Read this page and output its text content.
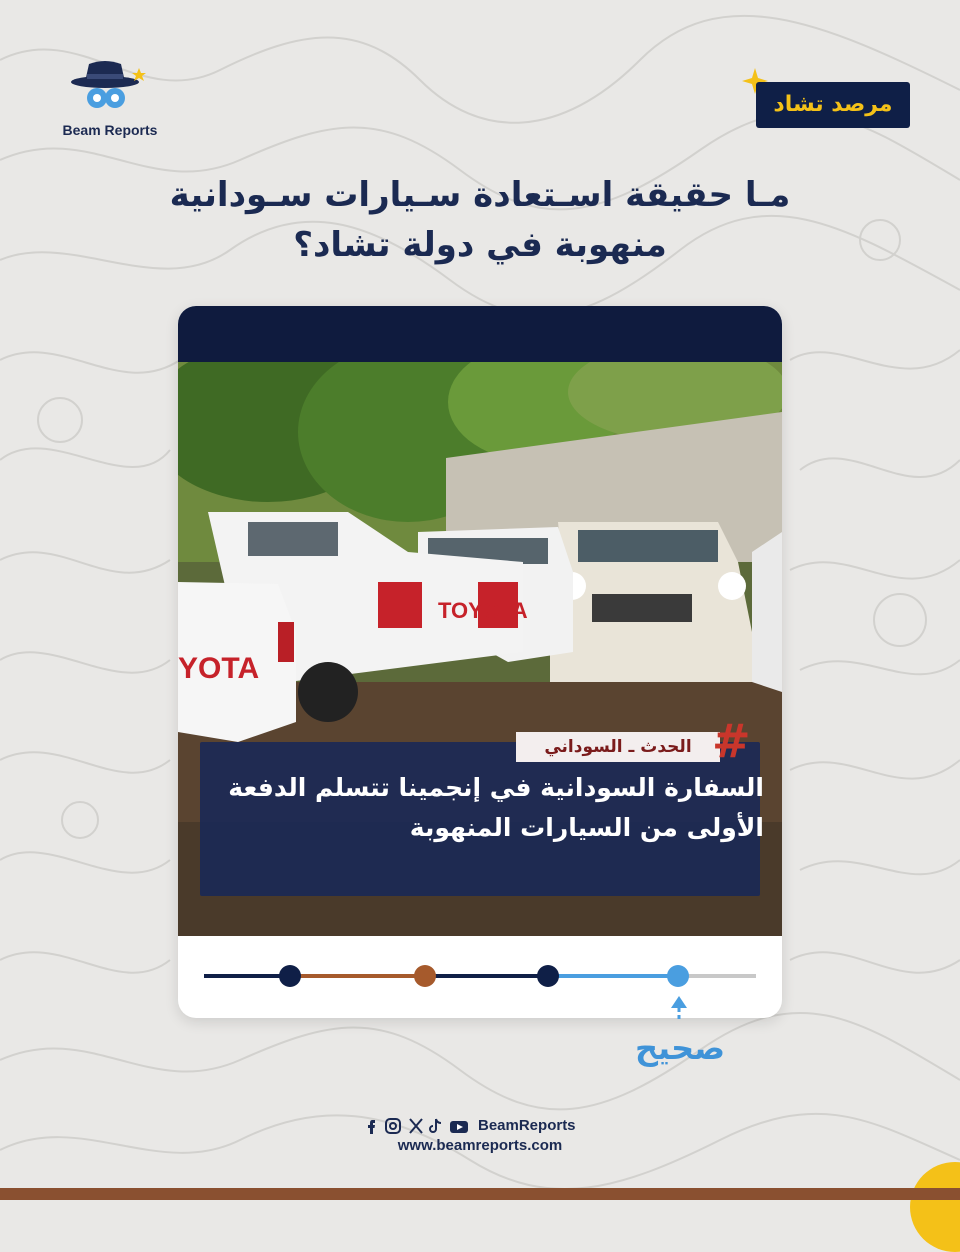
Beam Reports
مرصد تشاد
مـا حقيقة اسـتعادة سـيارات سـودانية
منهوبة في دولة تشاد؟
TOYOTA
YOTA
الحدث ـ السوداني #
السفارة السودانية في إنجمينا تتسلم الدفعة
الأولى من السيارات المنهوبة
صحيح
BeamReports
www.beamreports.com
